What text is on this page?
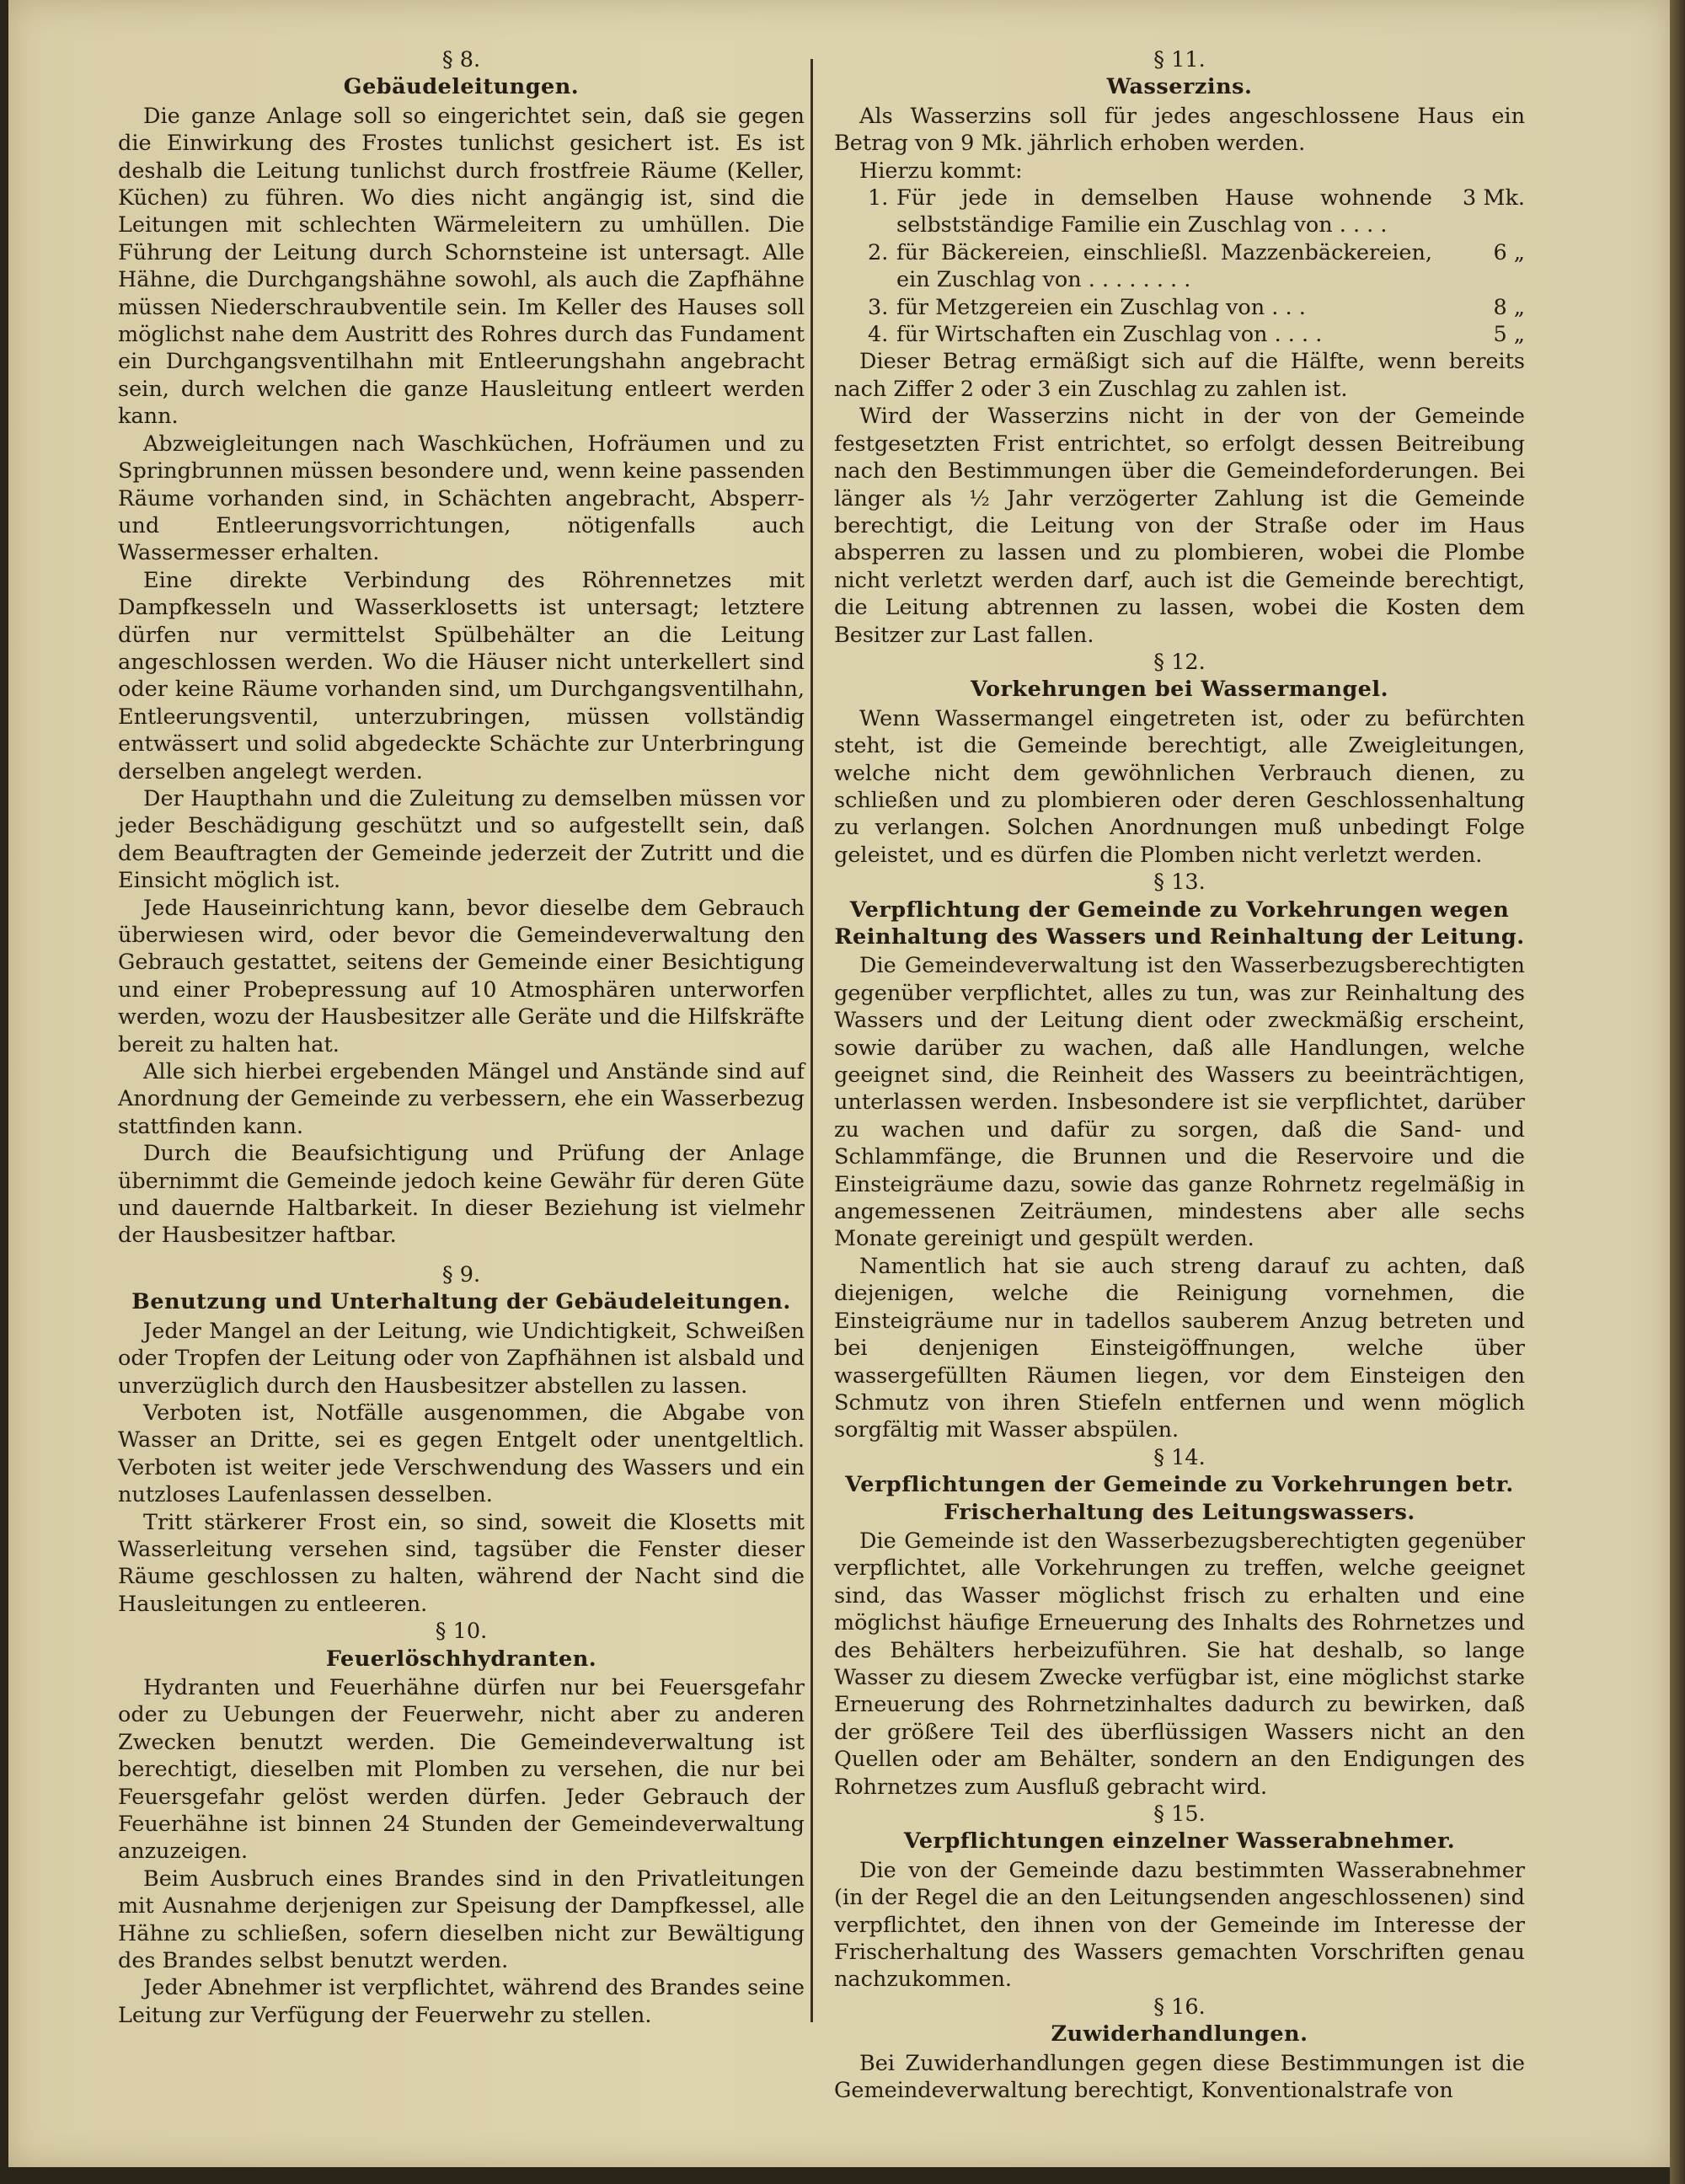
§ 8.
Gebäudeleitungen.

Die ganze Anlage soll so eingerichtet sein, daß sie gegen die Einwirkung des Frostes tunlichst gesichert ist. Es ist deshalb die Leitung tunlichst durch frostfreie Räume (Keller, Küchen) zu führen. Wo dies nicht angängig ist, sind die Leitungen mit schlechten Wärmeleitern zu umhüllen. Die Führung der Leitung durch Schornsteine ist untersagt. Alle Hähne, die Durchgangshähne sowohl, als auch die Zapfhähne müssen Niederschraubventile sein. Im Keller des Hauses soll möglichst nahe dem Austritt des Rohres durch das Fundament ein Durchgangsventilhahn mit Entleerungshahn angebracht sein, durch welchen die ganze Hausleitung entleert werden kann.

Abzweigleitungen nach Waschküchen, Hofräumen und zu Springbrunnen müssen besondere und, wenn keine passenden Räume vorhanden sind, in Schächten angebracht, Absperr- und Entleerungsvorrichtungen, nötigenfalls auch Wassermesser erhalten.

Eine direkte Verbindung des Röhrennetzes mit Dampfkesseln und Wasserklosetts ist untersagt; letztere dürfen nur vermittelst Spülbehälter an die Leitung angeschlossen werden. Wo die Häuser nicht unterkellert sind oder keine Räume vorhanden sind, um Durchgangsventilhahn, Entleerungsventil, unterzubringen, müssen vollständig entwässert und solid abgedeckte Schächte zur Unterbringung derselben angelegt werden.

Der Haupthahn und die Zuleitung zu demselben müssen vor jeder Beschädigung geschützt und so aufgestellt sein, daß dem Beauftragten der Gemeinde jederzeit der Zutritt und die Einsicht möglich ist.

Jede Hauseinrichtung kann, bevor dieselbe dem Gebrauch überwiesen wird, oder bevor die Gemeindeverwaltung den Gebrauch gestattet, seitens der Gemeinde einer Besichtigung und einer Probepressung auf 10 Atmosphären unterworfen werden, wozu der Hausbesitzer alle Geräte und die Hilfskräfte bereit zu halten hat.

Alle sich hierbei ergebenden Mängel und Anstände sind auf Anordnung der Gemeinde zu verbessern, ehe ein Wasserbezug stattfinden kann.

Durch die Beaufsichtigung und Prüfung der Anlage übernimmt die Gemeinde jedoch keine Gewähr für deren Güte und dauernde Haltbarkeit. In dieser Beziehung ist vielmehr der Hausbesitzer haftbar.

§ 9.
Benutzung und Unterhaltung der Gebäudeleitungen.

Jeder Mangel an der Leitung, wie Undichtigkeit, Schweißen oder Tropfen der Leitung oder von Zapfhähnen ist alsbald und unverzüglich durch den Hausbesitzer abstellen zu lassen.

Verboten ist, Notfälle ausgenommen, die Abgabe von Wasser an Dritte, sei es gegen Entgelt oder unentgeltlich. Verboten ist weiter jede Verschwendung des Wassers und ein nutzloses Laufenlassen desselben.

Tritt stärkerer Frost ein, so sind, soweit die Klosetts mit Wasserleitung versehen sind, tagsüber die Fenster dieser Räume geschlossen zu halten, während der Nacht sind die Hausleitungen zu entleeren.

§ 10.
Feuerlöschhydranten.

Hydranten und Feuerhähne dürfen nur bei Feuersgefahr oder zu Uebungen der Feuerwehr, nicht aber zu anderen Zwecken benutzt werden. Die Gemeindeverwaltung ist berechtigt, dieselben mit Plomben zu versehen, die nur bei Feuersgefahr gelöst werden dürfen. Jeder Gebrauch der Feuerhähne ist binnen 24 Stunden der Gemeindeverwaltung anzuzeigen.

Beim Ausbruch eines Brandes sind in den Privatleitungen mit Ausnahme derjenigen zur Speisung der Dampfkessel, alle Hähne zu schließen, sofern dieselben nicht zur Bewältigung des Brandes selbst benutzt werden.

Jeder Abnehmer ist verpflichtet, während des Brandes seine Leitung zur Verfügung der Feuerwehr zu stellen.

§ 11.
Wasserzins.

Als Wasserzins soll für jedes angeschlossene Haus ein Betrag von 9 Mk. jährlich erhoben werden.

Hierzu kommt:

1. Für jede in demselben Hause wohnende selbstständige Familie ein Zuschlag von . . . .
3 Mk.
2. für Bäckereien, einschließl. Mazzenbäckereien, ein Zuschlag von . . . . . . . .
6 „
3. für Metzgereien ein Zuschlag von . . .	8 „
4. für Wirtschaften ein Zuschlag von . . . .	5 „

Dieser Betrag ermäßigt sich auf die Hälfte, wenn bereits nach Ziffer 2 oder 3 ein Zuschlag zu zahlen ist.

Wird der Wasserzins nicht in der von der Gemeinde festgesetzten Frist entrichtet, so erfolgt dessen Beitreibung nach den Bestimmungen über die Gemeindeforderungen. Bei länger als ½ Jahr verzögerter Zahlung ist die Gemeinde berechtigt, die Leitung von der Straße oder im Haus absperren zu lassen und zu plombieren, wobei die Plombe nicht verletzt werden darf, auch ist die Gemeinde berechtigt, die Leitung abtrennen zu lassen, wobei die Kosten dem Besitzer zur Last fallen.

§ 12.
Vorkehrungen bei Wassermangel.

Wenn Wassermangel eingetreten ist, oder zu befürchten steht, ist die Gemeinde berechtigt, alle Zweigleitungen, welche nicht dem gewöhnlichen Verbrauch dienen, zu schließen und zu plombieren oder deren Geschlossenhaltung zu verlangen. Solchen Anordnungen muß unbedingt Folge geleistet, und es dürfen die Plomben nicht verletzt werden.

§ 13.
Verpflichtung der Gemeinde zu Vorkehrungen wegen Reinhaltung des Wassers und Reinhaltung der Leitung.

Die Gemeindeverwaltung ist den Wasserbezugsberechtigten gegenüber verpflichtet, alles zu tun, was zur Reinhaltung des Wassers und der Leitung dient oder zweckmäßig erscheint, sowie darüber zu wachen, daß alle Handlungen, welche geeignet sind, die Reinheit des Wassers zu beeinträchtigen, unterlassen werden. Insbesondere ist sie verpflichtet, darüber zu wachen und dafür zu sorgen, daß die Sand- und Schlammfänge, die Brunnen und die Reservoire und die Einsteigräume dazu, sowie das ganze Rohrnetz regelmäßig in angemessenen Zeiträumen, mindestens aber alle sechs Monate gereinigt und gespült werden.

Namentlich hat sie auch streng darauf zu achten, daß diejenigen, welche die Reinigung vornehmen, die Einsteigräume nur in tadellos sauberem Anzug betreten und bei denjenigen Einsteigöffnungen, welche über wassergefüllten Räumen liegen, vor dem Einsteigen den Schmutz von ihren Stiefeln entfernen und wenn möglich sorgfältig mit Wasser abspülen.

§ 14.
Verpflichtungen der Gemeinde zu Vorkehrungen betr. Frischerhaltung des Leitungswassers.

Die Gemeinde ist den Wasserbezugsberechtigten gegenüber verpflichtet, alle Vorkehrungen zu treffen, welche geeignet sind, das Wasser möglichst frisch zu erhalten und eine möglichst häufige Erneuerung des Inhalts des Rohrnetzes und des Behälters herbeizuführen. Sie hat deshalb, so lange Wasser zu diesem Zwecke verfügbar ist, eine möglichst starke Erneuerung des Rohrnetzinhaltes dadurch zu bewirken, daß der größere Teil des überflüssigen Wassers nicht an den Quellen oder am Behälter, sondern an den Endigungen des Rohrnetzes zum Ausfluß gebracht wird.

§ 15.
Verpflichtungen einzelner Wasserabnehmer.

Die von der Gemeinde dazu bestimmten Wasserabnehmer (in der Regel die an den Leitungsenden angeschlossenen) sind verpflichtet, den ihnen von der Gemeinde im Interesse der Frischerhaltung des Wassers gemachten Vorschriften genau nachzukommen.

§ 16.
Zuwiderhandlungen.

Bei Zuwiderhandlungen gegen diese Bestimmungen ist die Gemeindeverwaltung berechtigt, Konventionalstrafe von
